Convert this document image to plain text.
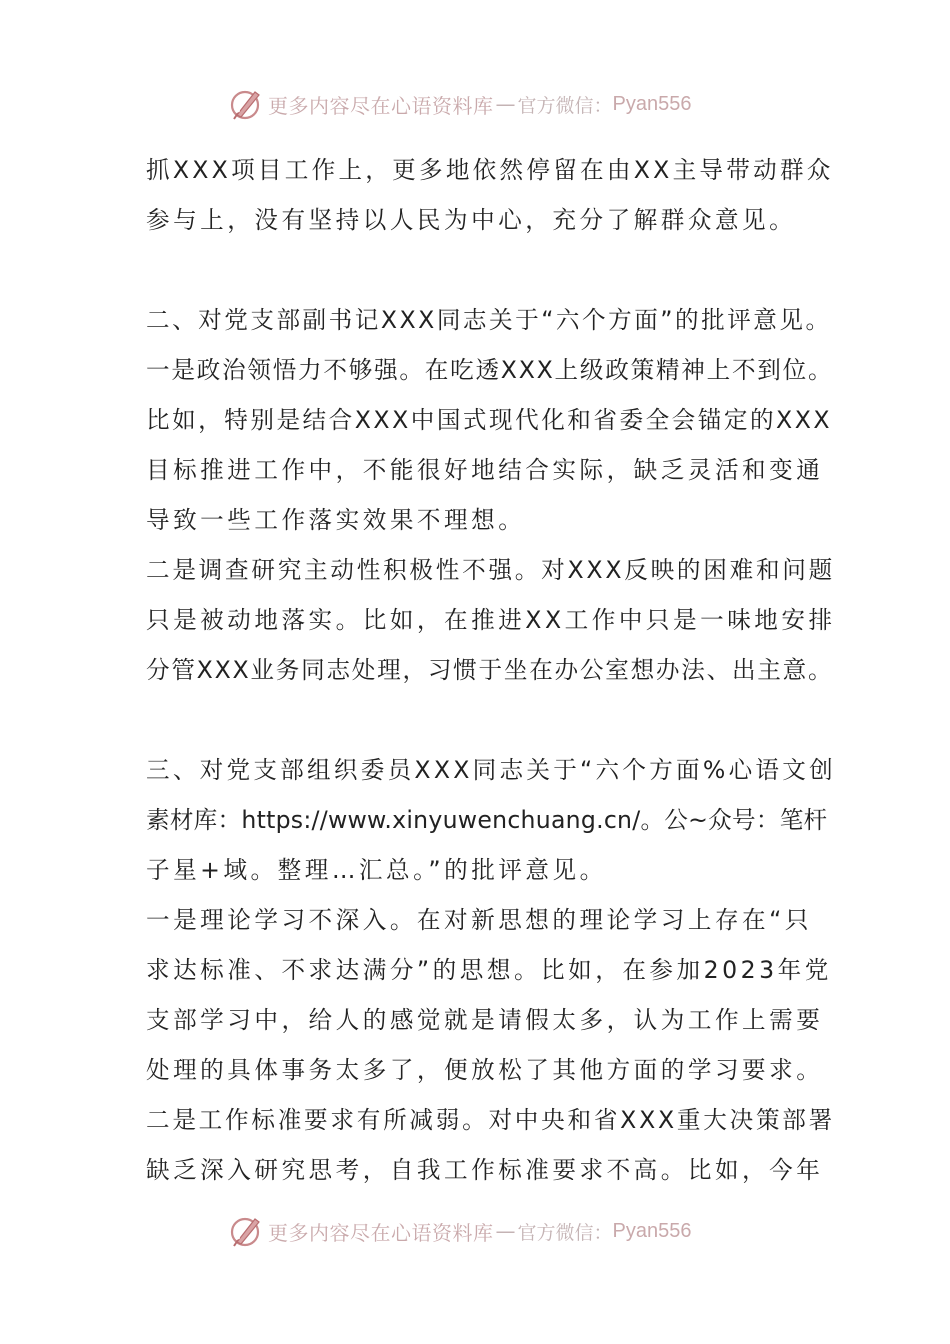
更多内容尽在心语资料库 — 官方微信： Pyan556
抓XXX项目工作上，更多地依然停留在由XX主导带动群众
参与上，没有坚持以人民为中心，充分了解群众意见。
二、对党支部副书记XXX同志关于“六个方面”的批评意见。
一是政治领悟力不够强。在吃透XXX上级政策精神上不到位。
比如，特别是结合XXX中国式现代化和省委全会锚定的XXX
目标推进工作中，不能很好地结合实际，缺乏灵活和变通
导致一些工作落实效果不理想。
二是调查研究主动性积极性不强。对XXX反映的困难和问题
只是被动地落实。比如，在推进XX工作中只是一味地安排
分管XXX业务同志处理，习惯于坐在办公室想办法、出主意。
三、对党支部组织委员XXX同志关于“六个方面%心语文创
素材库：https://www.xinyuwenchuang.cn/。公~众号：笔杆
子星+域。整理…汇总。”的批评意见。
一是理论学习不深入。在对新思想的理论学习上存在“只
求达标准、不求达满分”的思想。比如，在参加2023年党
支部学习中，给人的感觉就是请假太多，认为工作上需要
处理的具体事务太多了，便放松了其他方面的学习要求。
二是工作标准要求有所减弱。对中央和省XXX重大决策部署
缺乏深入研究思考，自我工作标准要求不高。比如，今年
更多内容尽在心语资料库 — 官方微信： Pyan556
